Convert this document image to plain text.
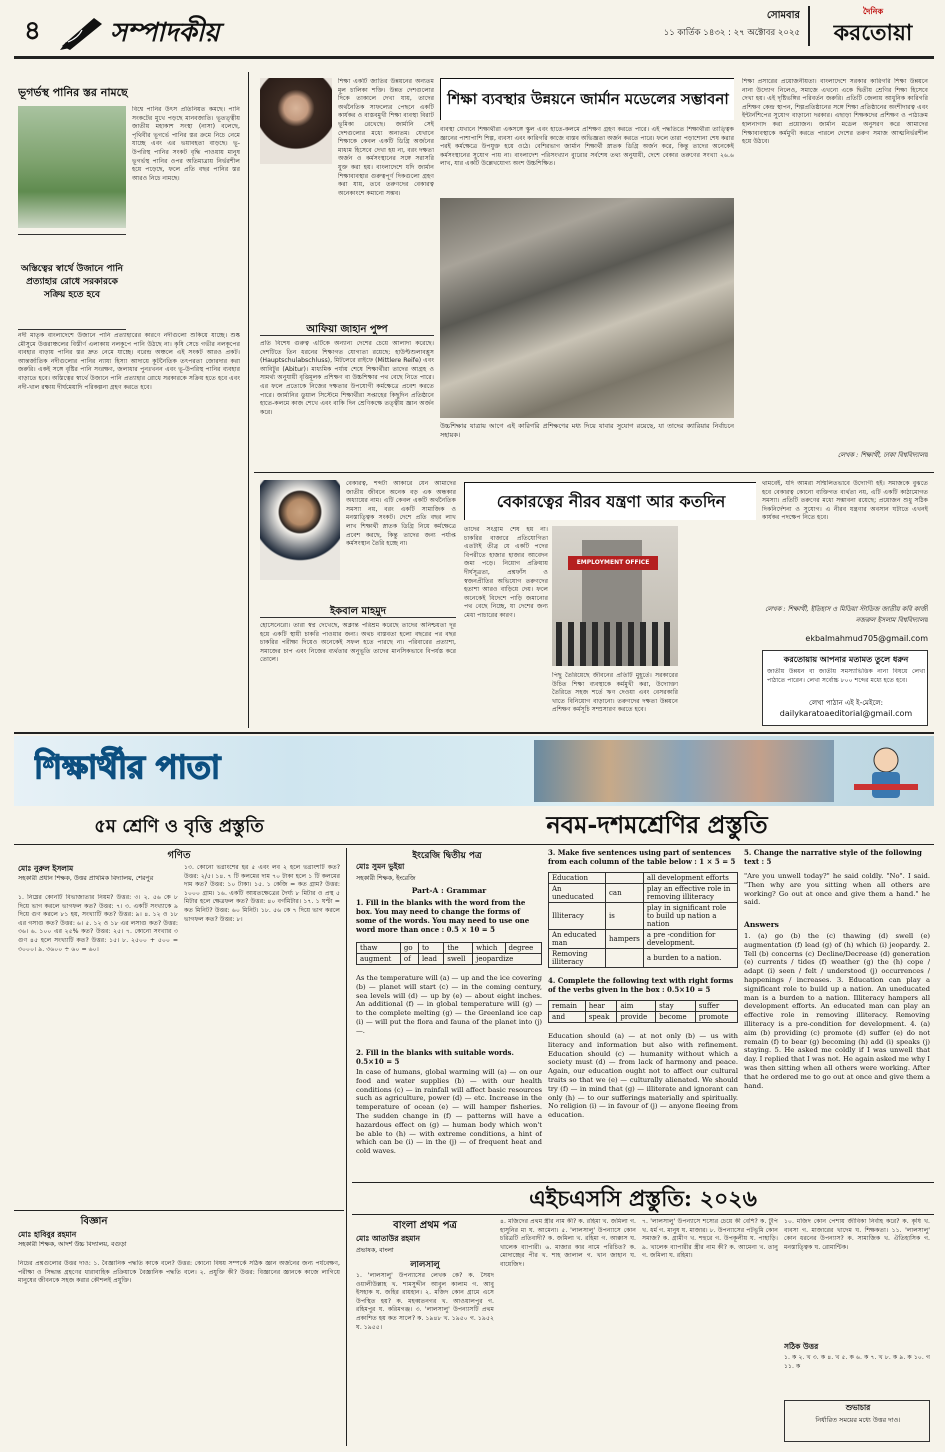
৪	সম্পাদকীয়
সোমবার
১১ কার্তিক ১৪৩২ : ২৭ অক্টোবর ২০২৫
দৈনিক
করতোয়া
ভূগর্ভস্থ পানির স্তর নামছে
বিশ্বে পানির উৎস প্রতিনিয়ত কমছে। পানি সংকটের মুখে পড়ছে মানবজাতি। ভূতত্ত্বীয় জাতীয় মহাকাশ সংস্থা (নাসা) বলেছে, পৃথিবীর ভূগর্ভে পানির স্তর ক্রমে নিচে নেমে যাচ্ছে এবং এর ভয়াবহতা বাড়ছে। ভূ-উপরিস্থ পানির সংকট বৃদ্ধি পাওয়ায় মানুষ ভূগর্ভস্থ পানির ওপর অতিমাত্রায় নির্ভরশীল হয়ে পড়েছে, ফলে প্রতি বছর পানির স্তর আরও নিচে নামছে।
অস্তিত্বের স্বার্থে উজানে পানি প্রত্যাহার রোধে সরকারকে সক্রিয় হতে হবে
নদী মাতৃক বাংলাদেশে উজানে পানি প্রত্যাহারের কারণে নদীগুলো শুকিয়ে যাচ্ছে। শুষ্ক মৌসুমে উত্তরাঞ্চলের বিস্তীর্ণ এলাকায় নলকূপে পানি উঠছে না। কৃষি সেচে গভীর নলকূপের ব্যবহার বাড়ায় পানির স্তর দ্রুত নেমে যাচ্ছে। বরেন্দ্র অঞ্চলে এই সংকট আরও প্রকট। আন্তর্জাতিক নদীগুলোর পানির ন্যায্য হিস্যা আদায়ে কূটনৈতিক তৎপরতা জোরদার করা জরুরি। একই সঙ্গে বৃষ্টির পানি সংরক্ষণ, জলাধার পুনঃখনন এবং ভূ-উপরিস্থ পানির ব্যবহার বাড়াতে হবে। অস্তিত্বের স্বার্থে উজানে পানি প্রত্যাহার রোধে সরকারকে সক্রিয় হতে হবে এবং নদী-খাল রক্ষায় দীর্ঘমেয়াদি পরিকল্পনা গ্রহণ করতে হবে।
শিক্ষা একটি জাতির উন্নয়নের অন্যতম মূল চালিকা শক্তি। উন্নত দেশগুলোর দিকে তাকালে দেখা যায়, তাদের অর্থনৈতিক সাফল্যের পেছনে একটি কার্যকর ও বাস্তবমুখী শিক্ষা ব্যবস্থা বিরাট ভূমিকা রেখেছে। জার্মানি সেই দেশগুলোর মধ্যে অন্যতম। যেখানে শিক্ষাকে কেবল একটি ডিগ্রি অর্জনের মাধ্যম হিসেবে দেখা হয় না, বরং দক্ষতা অর্জন ও কর্মসংস্থানের সঙ্গে সরাসরি যুক্ত করা হয়। বাংলাদেশে যদি জার্মান শিক্ষাব্যবস্থার গুরুত্বপূর্ণ দিকগুলো গ্রহণ করা যায়, তবে তরুণদের বেকারত্ব অনেকাংশে কমানো সম্ভব।
শিক্ষা ব্যবস্থার উন্নয়নে জার্মান মডেলের সম্ভাবনা
ব্যবস্থা যেখানে শিক্ষার্থীরা একসঙ্গে স্কুল এবং হাতে-কলমে প্রশিক্ষণ গ্রহণ করতে পারে। এই পদ্ধতিতে শিক্ষার্থীরা তাত্ত্বিক জ্ঞানের পাশাপাশি শিল্প, ব্যবসা এবং কারিগরি কাজে বাস্তব অভিজ্ঞতা অর্জন করতে পারে। ফলে তারা পড়াশোনা শেষ করার পরই কর্মক্ষেত্রে উপযুক্ত হয়ে ওঠে। বেশিরভাগ জার্মান শিক্ষার্থী স্নাতক ডিগ্রি অর্জন করে, কিন্তু তাদের অনেকেই কর্মসংস্থানের সুযোগ পায় না। বাংলাদেশ পরিসংখ্যান ব্যুরোর সর্বশেষ তথ্য অনুযায়ী, দেশে বেকার তরুণের সংখ্যা ২৬.৬ লাখ, যার একটি উল্লেখযোগ্য অংশ উচ্চশিক্ষিত।
আফিয়া জাহান পুষ্প
প্রতি বিশেষ গুরুত্ব এটিকে অন্যান্য দেশের চেয়ে আলাদা করেছে। দেশটিতে তিন ধরনের শিক্ষাগত যোগ্যতা রয়েছে: হাউপ্টশুলাবশ্লুস (Hauptschulabschluss), মিটলেরে রাইফে (Mittlere Reife) এবং আবিটুর (Abitur)। মাধ্যমিক পর্যায় শেষে শিক্ষার্থীরা তাদের আগ্রহ ও সামর্থ্য অনুযায়ী বৃত্তিমূলক প্রশিক্ষণ বা উচ্চশিক্ষার পথ বেছে নিতে পারে। এর ফলে প্রত্যেকে নিজের দক্ষতার উপযোগী কর্মক্ষেত্রে প্রবেশ করতে পারে। জার্মানির ডুয়াল সিস্টেমে শিক্ষার্থীরা সপ্তাহের কিছুদিন প্রতিষ্ঠানে হাতে-কলমে কাজ শেখে এবং বাকি দিন শ্রেণিকক্ষে তত্ত্বীয় জ্ঞান অর্জন করে।
উচ্চশিক্ষার যাত্রায় আগে এই কারিগরি প্রশিক্ষণের মধ্য দিয়ে যাবার সুযোগ রয়েছে, যা তাদের ক্যারিয়ার নির্বাচনে সহায়ক।
শিক্ষা প্রসারের প্রয়োজনীয়তা। বাংলাদেশে সরকার কারিগরি শিক্ষা উন্নয়নে নানা উদ্যোগ নিলেও, সমাজে এখনো একে দ্বিতীয় শ্রেণির শিক্ষা হিসেবে দেখা হয়। এই দৃষ্টিভঙ্গির পরিবর্তন জরুরি। প্রতিটি জেলায় আধুনিক কারিগরি প্রশিক্ষণ কেন্দ্র স্থাপন, শিল্পপ্রতিষ্ঠানের সঙ্গে শিক্ষা প্রতিষ্ঠানের অংশীদারত্ব এবং ইন্টার্নশিপের সুযোগ বাড়ানো দরকার। এছাড়া শিক্ষকদের প্রশিক্ষণ ও পাঠ্যক্রম হালনাগাদ করা প্রয়োজন। জার্মান মডেল অনুসরণ করে আমাদের শিক্ষাব্যবস্থাকে কর্মমুখী করতে পারলে দেশের তরুণ সমাজ আত্মনির্ভরশীল হয়ে উঠবে।
লেখক : শিক্ষার্থী, ঢাকা বিশ্ববিদ্যালয়
বেকারত্ব, শব্দটা আকারে যেন আমাদের জাতীয় জীবনে অনেক বড় এক অন্ধকার অধ্যায়ের নাম। এটি কেবল একটি অর্থনৈতিক সমস্যা নয়, বরং একটি সামাজিক ও মনস্তাত্ত্বিক সংকট। দেশে প্রতি বছর লাখ লাখ শিক্ষার্থী স্নাতক ডিগ্রি নিয়ে কর্মক্ষেত্রে প্রবেশ করছে, কিন্তু তাদের জন্য পর্যাপ্ত কর্মসংস্থান তৈরি হচ্ছে না।
বেকারত্বের নীরব যন্ত্রণা আর কতদিন
থামবেই, যদি আমরা সম্মিলিতভাবে উদ্যোগী হই। সমাজকে বুঝতে হবে বেকারত্ব কোনো ব্যক্তিগত ব্যর্থতা নয়, এটি একটি কাঠামোগত সমস্যা। প্রতিটি তরুণের মধ্যে সম্ভাবনা রয়েছে; প্রয়োজন শুধু সঠিক দিকনির্দেশনা ও সুযোগ। এ নীরব যন্ত্রণার অবসান ঘটাতে এখনই কার্যকর পদক্ষেপ নিতে হবে।
ইকবাল মাহমুদ
হোসেনেরো। তারা স্বপ্ন দেখেছে, অক্লান্ত পরিশ্রম করেছে তাদের অনিশ্চয়তা দূর হয়ে একটি স্থায়ী চাকরি পাওয়ার জন্য। অথচ বাস্তবতা হলো বছরের পর বছর চাকরির পরীক্ষা দিয়েও অনেকেই সফল হতে পারছে না। পরিবারের প্রত্যাশা, সমাজের চাপ এবং নিজের ব্যর্থতার অনুভূতি তাদের মানসিকভাবে বিপর্যস্ত করে তোলে।
তাদের সংগ্রাম শেষ হয় না। চাকরির বাজারে প্রতিযোগিতা এতটাই তীব্র যে একটি পদের বিপরীতে হাজার হাজার আবেদন জমা পড়ে। নিয়োগ প্রক্রিয়ায় দীর্ঘসূত্রতা, প্রশ্নফাঁস ও স্বজনপ্রীতির অভিযোগ তরুণদের হতাশা আরও বাড়িয়ে দেয়। ফলে অনেকেই বিদেশে পাড়ি জমানোর পথ বেছে নিচ্ছে, যা দেশের জন্য মেধা পাচারের কারণ।
EMPLOYMENT OFFICE
পিছু তৈরিয়েছে জীবনের প্রতিটি মুহূর্তে। সরকারের উচিত শিক্ষা ব্যবস্থাকে কর্মমুখী করা, উদ্যোক্তা তৈরিতে সহজ শর্তে ঋণ দেওয়া এবং বেসরকারি খাতে বিনিয়োগ বাড়ানো। তরুণদের দক্ষতা উন্নয়নে প্রশিক্ষণ কর্মসূচি সম্প্রসারণ করতে হবে।
লেখক : শিক্ষার্থী, ইতিহাস ও মিডিয়া স্টাডিজ জাতীয় কবি কাজী নজরুল ইসলাম বিশ্ববিদ্যালয়
ekbalmahmud705@gmail.com
করতোয়ায় আপনার মতামত তুলে ধরুন
জাতীয় উন্নয়ন বা জাতীয় সমস্যাভিত্তিক নানা বিষয়ে লেখা পাঠাতে পারেন। লেখা সর্বোচ্চ ৮০০ শব্দের মধ্যে হতে হবে।
লেখা পাঠান এই ই-মেইলে:
dailykaratoaeditorial@gmail.com
শিক্ষার্থীর পাতা
৫ম শ্রেণি ও বৃত্তি প্রস্তুতি	নবম-দশমশ্রেণির প্রস্তুতি
গণিত
মোঃ নুরুল ইসলাম
সহকারী প্রধান শিক্ষক, উত্তর প্রাথমিক বিদ্যালয়, শেরপুর
১. নিম্নের কোনটি বিভাজ্যতার নিয়ম? উত্তর: ৩। ২. ৫৬ কে ৮ দিয়ে ভাগ করলে ভাগফল কত? উত্তর: ৭। ৩. একটি সংখ্যাকে ৯ দিয়ে গুণ করলে ৮১ হয়, সংখ্যাটি কত? উত্তর: ৯। ৪. ১২ ও ১৮ এর গসাগু কত? উত্তর: ৬। ৫. ১২ ও ১৮ এর লসাগু কত? উত্তর: ৩৬। ৬. ১০০ এর ২৫% কত? উত্তর: ২৫। ৭. কোনো সংখ্যার ৩ গুণ ৪৫ হলে সংখ্যাটি কত? উত্তর: ১৫। ৮. ২৫০০ + ৫০০ = ৩০০০। ৯. ৩৬০০ ÷ ৬০ = ৬০।
১৩. কোনো ভগ্নাংশের হর ৫ এবং লব ২ হলে ভগ্নাংশটি কত? উত্তর: ২/৫। ১৪. ৭ টি কলমের দাম ৭০ টাকা হলে ১ টি কলমের দাম কত? উত্তর: ১০ টাকা। ১৫. ১ কেজি = কত গ্রাম? উত্তর: ১০০০ গ্রাম। ১৬. একটি আয়তক্ষেত্রের দৈর্ঘ্য ৮ মিটার ও প্রস্থ ৫ মিটার হলে ক্ষেত্রফল কত? উত্তর: ৪০ বর্গমিটার। ১৭. ১ ঘণ্টা = কত মিনিট? উত্তর: ৬০ মিনিট। ১৮. ৫৬ কে ৭ দিয়ে ভাগ করলে ভাগফল কত? উত্তর: ৮।
বিজ্ঞান
মোঃ হাবিবুর রহমান
সহকারী শিক্ষক, আদর্শ উচ্চ বিদ্যালয়, বগুড়া
নিচের প্রশ্নগুলোর উত্তর দাও: ১. বৈজ্ঞানিক পদ্ধতি কাকে বলে? উত্তর: কোনো বিষয় সম্পর্কে সঠিক জ্ঞান অর্জনের জন্য পর্যবেক্ষণ, পরীক্ষা ও সিদ্ধান্ত গ্রহণের ধারাবাহিক প্রক্রিয়াকে বৈজ্ঞানিক পদ্ধতি বলে। ২. প্রযুক্তি কী? উত্তর: বিজ্ঞানের জ্ঞানকে কাজে লাগিয়ে মানুষের জীবনকে সহজ করার কৌশলই প্রযুক্তি।
ইংরেজি দ্বিতীয় পত্র
মোঃ সুমন ভুইয়া
সহকারী শিক্ষক, ইংরেজি
Part-A : Grammar
1. Fill in the blanks with the word from the box. You may need to change the forms of some of the words. You may need to use one word more than once : 0.5 × 10 = 5
thaw	go	to	the	which	degree
augment	of	lead	swell	jeopardize	
As the temperature will (a) — up and the ice covering (b) — planet will start (c) — in the coming century, sea levels will (d) — up by (e) — about eight inches. An additional (f) — in global temperature will (g) — to the complete melting (g) — the Greenland ice cap (i) — will put the flora and fauna of the planet into (j) —.
2. Fill in the blanks with suitable words. 0.5×10 = 5
In case of humans, global warming will (a) — on our food and water supplies (b) — with our health conditions (c) — in rainfall will affect basic resources such as agriculture, power (d) — etc. Increase in the temperature of ocean (e) — will hamper fisheries. The sudden change in (f) — patterns will have a hazardous effect on (g) — human body which won't be able to (h) — with extreme conditions, a hint of which can be (i) — in the (j) — of frequent heat and cold waves.
3. Make five sentences using part of sentences from each column of the table below : 1 × 5 = 5
Education		all development efforts
An uneducated	can	play an effective role in removing illiteracy
Illiteracy	is	play in significant role to build up nation a nation
An educated man	hampers	a pre -condition for development.
Removing illiteracy		a burden to a nation.
4. Complete the following text with right forms of the verbs given in the box : 0.5×10 = 5
remain	hear	aim	stay	suffer
and	speak	provide	become	promote
Education should (a) — at not only (b) — us with literacy and information but also with refinement. Education should (c) — humanity without which a society must (d) — from lack of harmony and peace. Again, our education ought not to affect our cultural traits so that we (e) — culturally alienated. We should try (f) — in mind that (g) — illiterate and ignorant can only (h) — to our sufferings materially and spiritually. No religion (i) — in favour of (j) — anyone fleeing from education.
5. Change the narrative style of the following text : 5
"Are you unwell today?" he said coldly. "No". I said. "Then why are you sitting when all others are working? Go out at once and give them a hand." he said.
Answers
1. (a) go (b) the (c) thawing (d) swell (e) augmentation (f) lead (g) of (h) which (i) jeopardy. 2. Tell (b) concerns (c) Decline/Decrease (d) generation (e) currents / tides (f) weather (g) the (h) cope / adapt (i) seen / felt / understood (j) occurrences / happenings / increases. 3. Education can play a significant role to build up a nation. An uneducated man is a burden to a nation. Illiteracy hampers all development efforts. An educated man can play an effective role in removing illiteracy. Removing illiteracy is a pre-condition for development. 4. (a) aim (b) providing (c) promote (d) suffer (e) do not remain (f) to bear (g) becoming (h) add (i) speaks (j) staying. 5. He asked me coldly if I was unwell that day. I replied that I was not. He again asked me why I was then sitting when all others were working. After that he ordered me to go out at once and give them a hand.
এইচএসসি প্রস্তুতি: ২০২৬
বাংলা প্রথম পত্র
মোঃ আতাউর রহমান
প্রভাষক, বাংলা
লালসালু
১. 'লালসালু' উপন্যাসের লেখক কে? ক. সৈয়দ ওয়ালীউল্লাহ খ. শামসুদ্দীন আবুল কালাম গ. আবু ইসহাক ঘ. জহির রায়হান। ২. মজিদ কোন গ্রামে এসে উপস্থিত হয়? ক. মহব্বতনগর খ. আওয়ালপুর গ. রহিমপুর ঘ. করিমগঞ্জ। ৩. 'লালসালু' উপন্যাসটি প্রথম প্রকাশিত হয় কত সালে? ক. ১৯৪৮ খ. ১৯৫০ গ. ১৯৫২ ঘ. ১৯৫৫।
৪. মজিদের প্রথম স্ত্রীর নাম কী? ক. রহিমা খ. জমিলা গ. হাসুনির মা ঘ. আমেনা। ৫. 'লালসালু' উপন্যাসে কোন চরিত্রটি প্রতিবাদী? ক. জমিলা খ. রহিমা গ. আক্কাস ঘ. খালেক ব্যাপারী। ৬. মাজার কার নামে পরিচিত? ক. মোদাচ্ছের পীর খ. শাহ জালাল গ. খান জাহান ঘ. বায়েজিদ।
৭. 'লালসালু' উপন্যাসে শস্যের চেয়ে কী বেশি? ক. টুপি খ. ধর্ম গ. মানুষ ঘ. মাজার। ৮. উপন্যাসের পটভূমি কোন সমাজ? ক. গ্রামীণ খ. শহুরে গ. উপকূলীয় ঘ. পাহাড়ি। ৯. খালেক ব্যাপারীর স্ত্রীর নাম কী? ক. আমেনা খ. তানু গ. জমিলা ঘ. রহিমা।
১০. মজিদ কোন পেশায় জীবিকা নির্বাহ করে? ক. কৃষি খ. ব্যবসা গ. মাজারের খাদেম ঘ. শিক্ষকতা। ১১. 'লালসালু' কোন ধরনের উপন্যাস? ক. সামাজিক খ. ঐতিহাসিক গ. মনস্তাত্ত্বিক ঘ. রোমান্টিক।
সঠিক উত্তর
১. ক ২. খ ৩. ক ৪. খ ৫. ক ৬. ক ৭. খ ৮. ক ৯. ক ১০. গ ১১. ক
শুভাচার
নির্ধারিত সময়ের মধ্যে উত্তর দাও।
